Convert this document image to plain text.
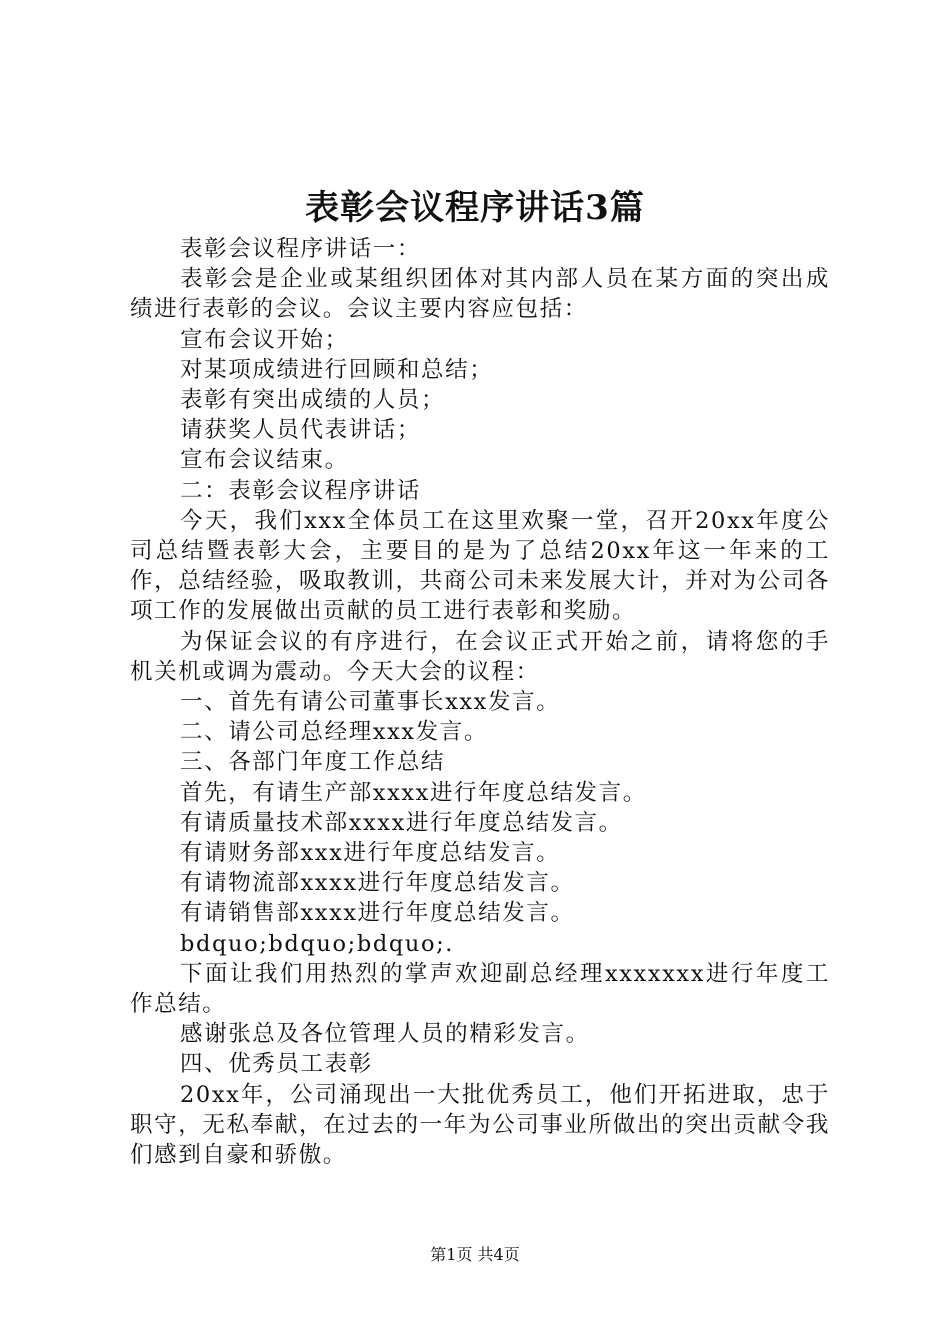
表彰会议程序讲话3篇

表彰会议程序讲话一：

表彰会是企业或某组织团体对其内部人员在某方面的突出成绩进行表彰的会议。会议主要内容应包括：

宣布会议开始；

对某项成绩进行回顾和总结；

表彰有突出成绩的人员；

请获奖人员代表讲话；

宣布会议结束。

二：表彰会议程序讲话

今天，我们xxx全体员工在这里欢聚一堂，召开20xx年度公司总结暨表彰大会，主要目的是为了总结20xx年这一年来的工作，总结经验，吸取教训，共商公司未来发展大计，并对为公司各项工作的发展做出贡献的员工进行表彰和奖励。

为保证会议的有序进行，在会议正式开始之前，请将您的手机关机或调为震动。今天大会的议程：

一、首先有请公司董事长xxx发言。

二、请公司总经理xxx发言。

三、各部门年度工作总结

首先，有请生产部xxxx进行年度总结发言。

有请质量技术部xxxx进行年度总结发言。

有请财务部xxx进行年度总结发言。

有请物流部xxxx进行年度总结发言。

有请销售部xxxx进行年度总结发言。

bdquo;bdquo;bdquo;.

下面让我们用热烈的掌声欢迎副总经理xxxxxxx进行年度工作总结。

感谢张总及各位管理人员的精彩发言。

四、优秀员工表彰

20xx年，公司涌现出一大批优秀员工，他们开拓进取，忠于职守，无私奉献，在过去的一年为公司事业所做出的突出贡献令我们感到自豪和骄傲。

第1页 共4页
